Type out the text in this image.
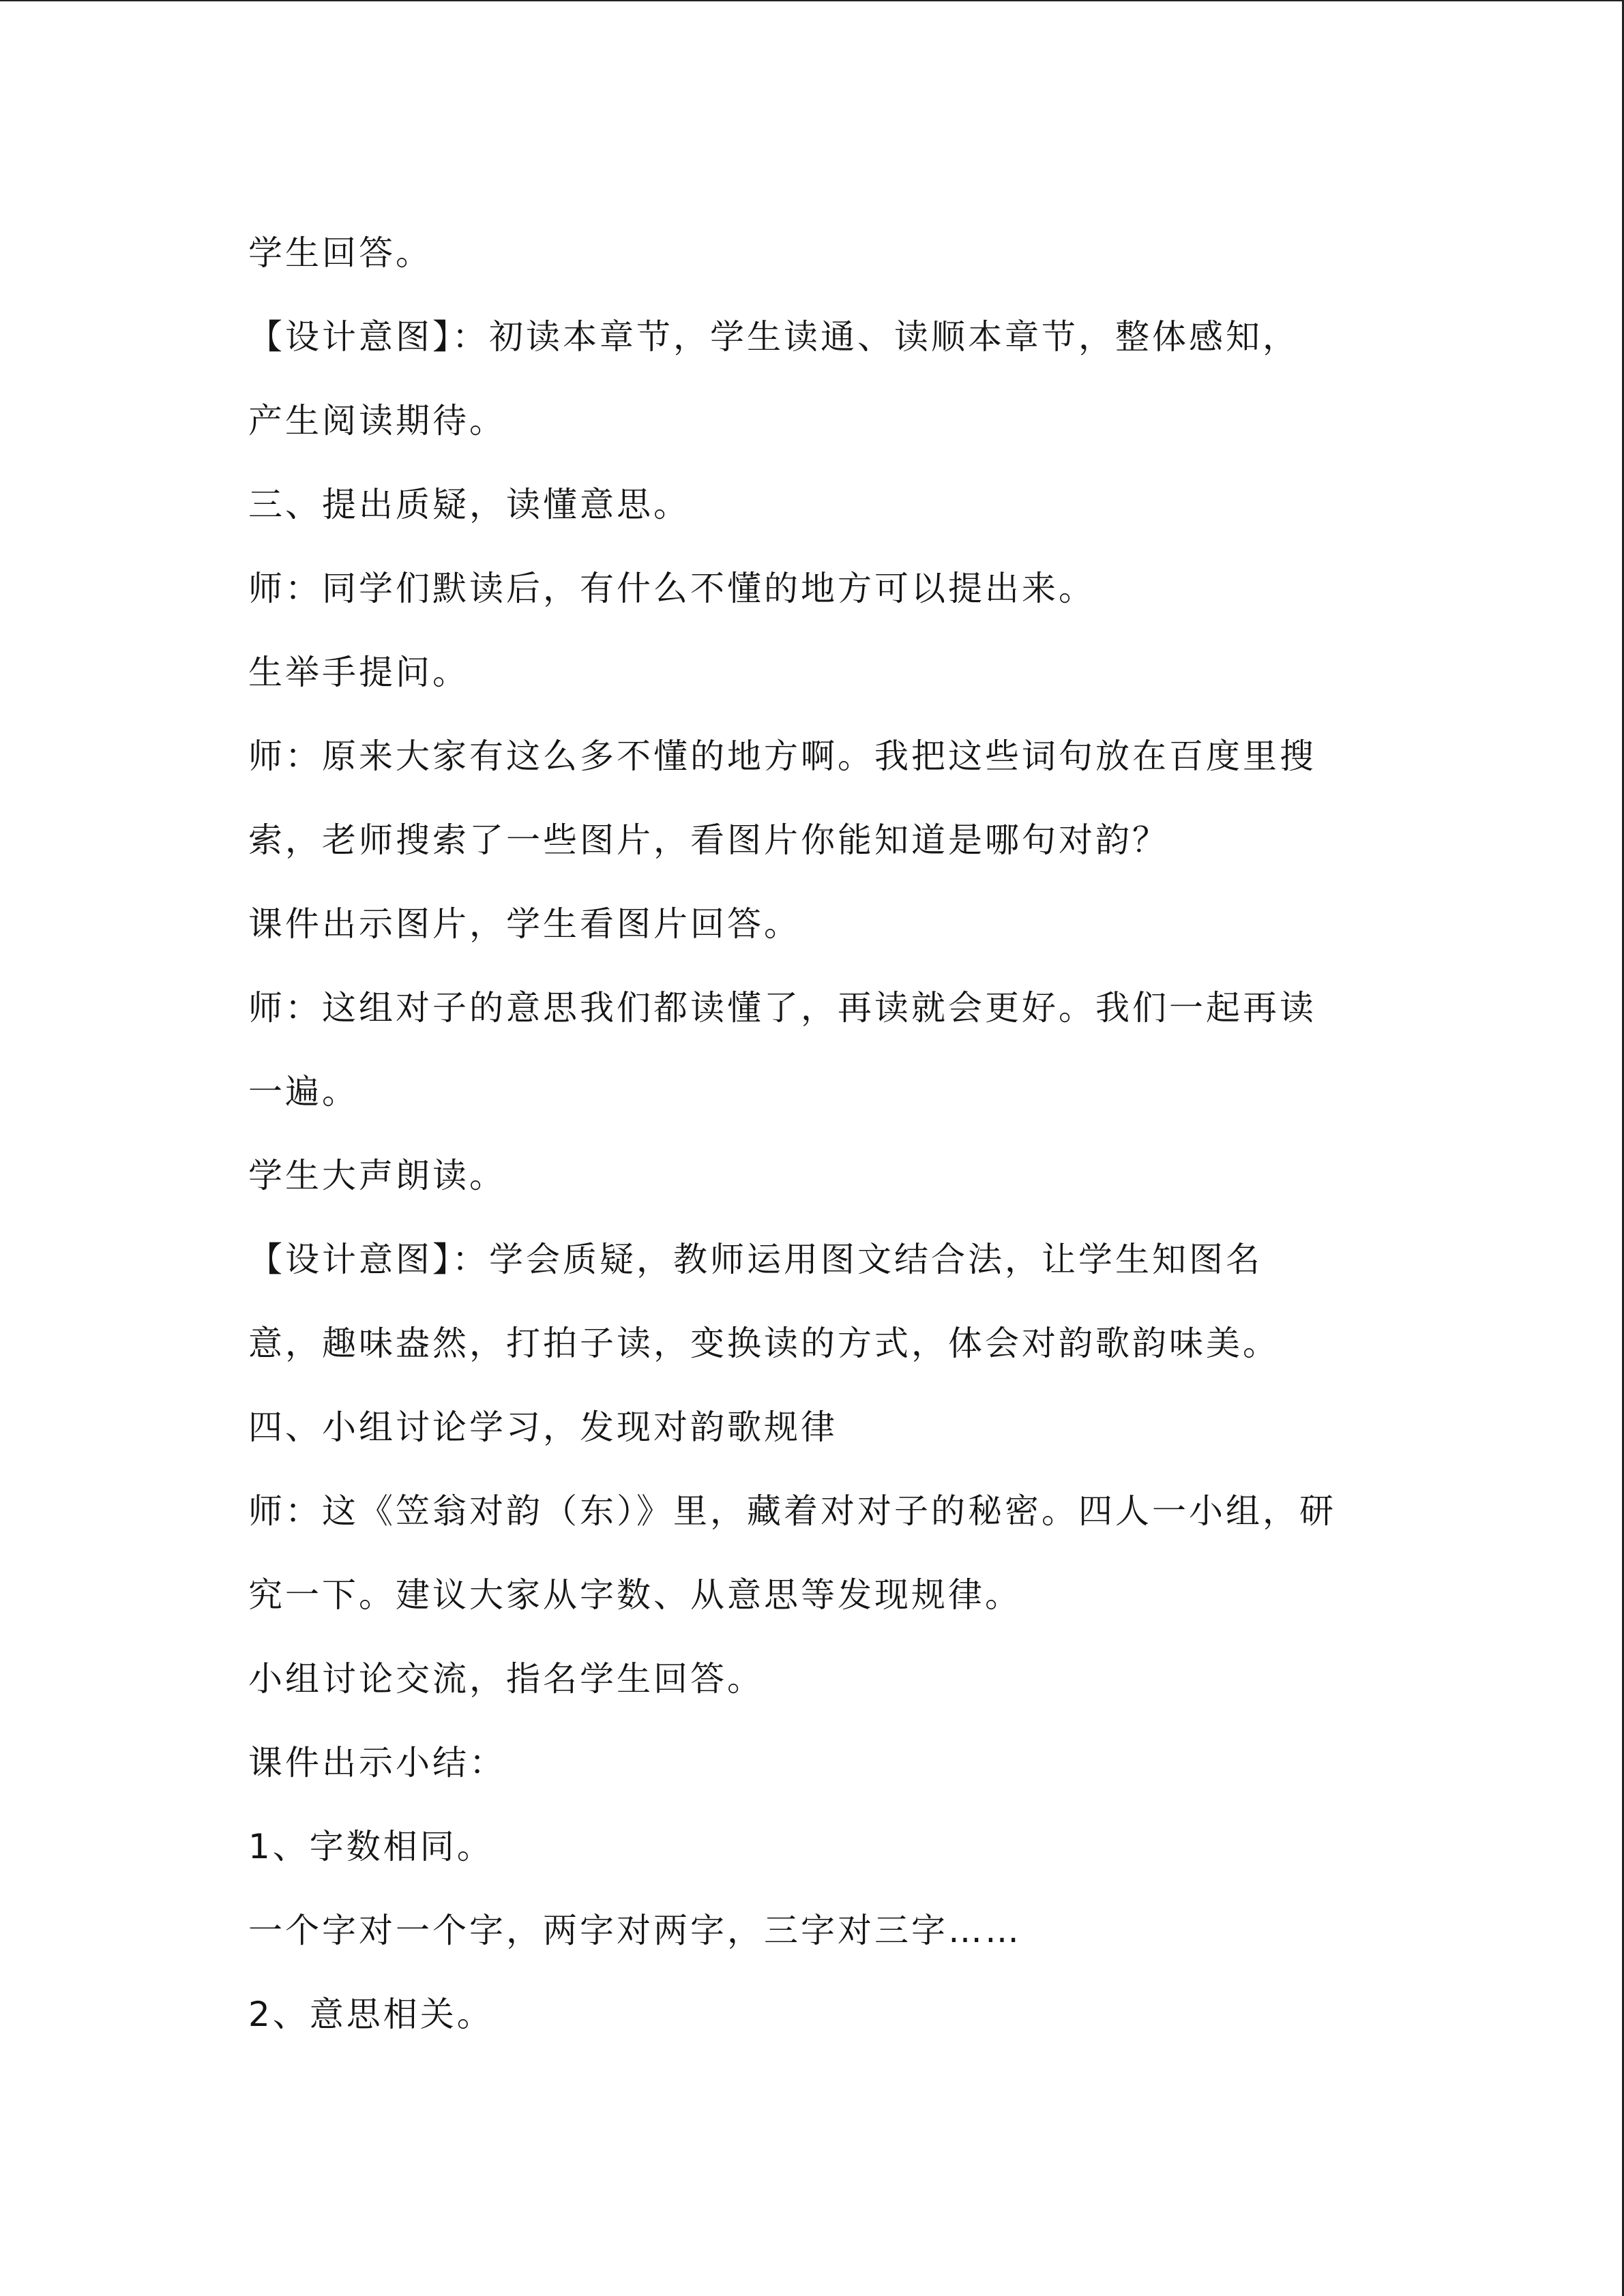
学生回答。
【设计意图】：初读本章节，学生读通、读顺本章节，整体感知，
产生阅读期待。
三、提出质疑，读懂意思。
师：同学们默读后，有什么不懂的地方可以提出来。
生举手提问。
师：原来大家有这么多不懂的地方啊。我把这些词句放在百度里搜
索，老师搜索了一些图片，看图片你能知道是哪句对韵？
课件出示图片，学生看图片回答。
师：这组对子的意思我们都读懂了，再读就会更好。我们一起再读
一遍。
学生大声朗读。
【设计意图】：学会质疑，教师运用图文结合法，让学生知图名
意，趣味盎然，打拍子读，变换读的方式，体会对韵歌韵味美。
四、小组讨论学习，发现对韵歌规律
师：这《笠翁对韵（东）》里，藏着对对子的秘密。四人一小组，研
究一下。建议大家从字数、从意思等发现规律。
小组讨论交流，指名学生回答。
课件出示小结：
1、字数相同。
一个字对一个字，两字对两字，三字对三字……
2、意思相关。
